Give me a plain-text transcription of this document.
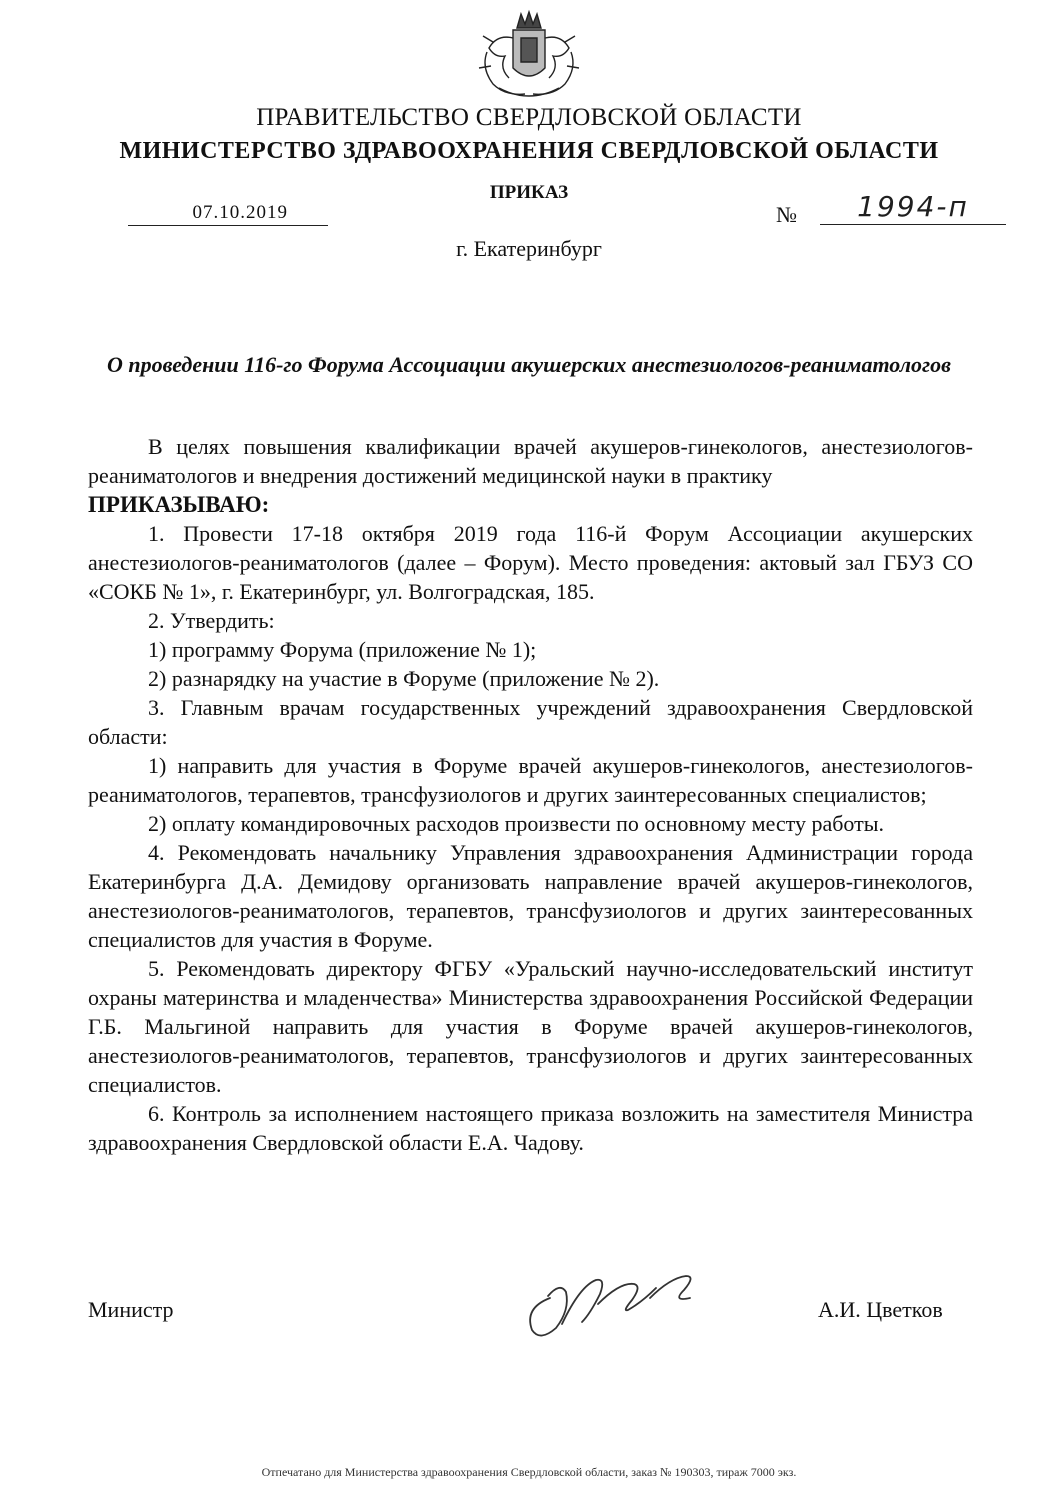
ПРАВИТЕЛЬСТВО СВЕРДЛОВСКОЙ ОБЛАСТИ
МИНИСТЕРСТВО ЗДРАВООХРАНЕНИЯ СВЕРДЛОВСКОЙ ОБЛАСТИ
ПРИКАЗ
07.10.2019	№	1994-п
г. Екатеринбург
О проведении 116-го Форума Ассоциации акушерских анестезиологов-реаниматологов

В целях повышения квалификации врачей акушеров-гинекологов, анестезиологов-реаниматологов и внедрения достижений медицинской науки в практику

ПРИКАЗЫВАЮ:

1. Провести 17-18 октября 2019 года 116-й Форум Ассоциации акушерских анестезиологов-реаниматологов (далее – Форум). Место проведения: актовый зал ГБУЗ СО «СОКБ № 1», г. Екатеринбург, ул. Волгоградская, 185.

2. Утвердить:

1) программу Форума (приложение № 1);

2) разнарядку на участие в Форуме (приложение № 2).

3. Главным врачам государственных учреждений здравоохранения Свердловской области:

1) направить для участия в Форуме врачей акушеров-гинекологов, анестезиологов-реаниматологов, терапевтов, трансфузиологов и других заинтересованных специалистов;

2) оплату командировочных расходов произвести по основному месту работы.

4. Рекомендовать начальнику Управления здравоохранения Администрации города Екатеринбурга Д.А. Демидову организовать направление врачей акушеров-гинекологов, анестезиологов-реаниматологов, терапевтов, трансфузиологов и других заинтересованных специалистов для участия в Форуме.

5. Рекомендовать директору ФГБУ «Уральский научно-исследовательский институт охраны материнства и младенчества» Министерства здравоохранения Российской Федерации Г.Б. Мальгиной направить для участия в Форуме врачей акушеров-гинекологов, анестезиологов-реаниматологов, терапевтов, трансфузиологов и других заинтересованных специалистов.

6. Контроль за исполнением настоящего приказа возложить на заместителя Министра здравоохранения Свердловской области Е.А. Чадову.

Министр	А.И. Цветков
Отпечатано для Министерства здравоохранения Свердловской области, заказ № 190303, тираж 7000 экз.
